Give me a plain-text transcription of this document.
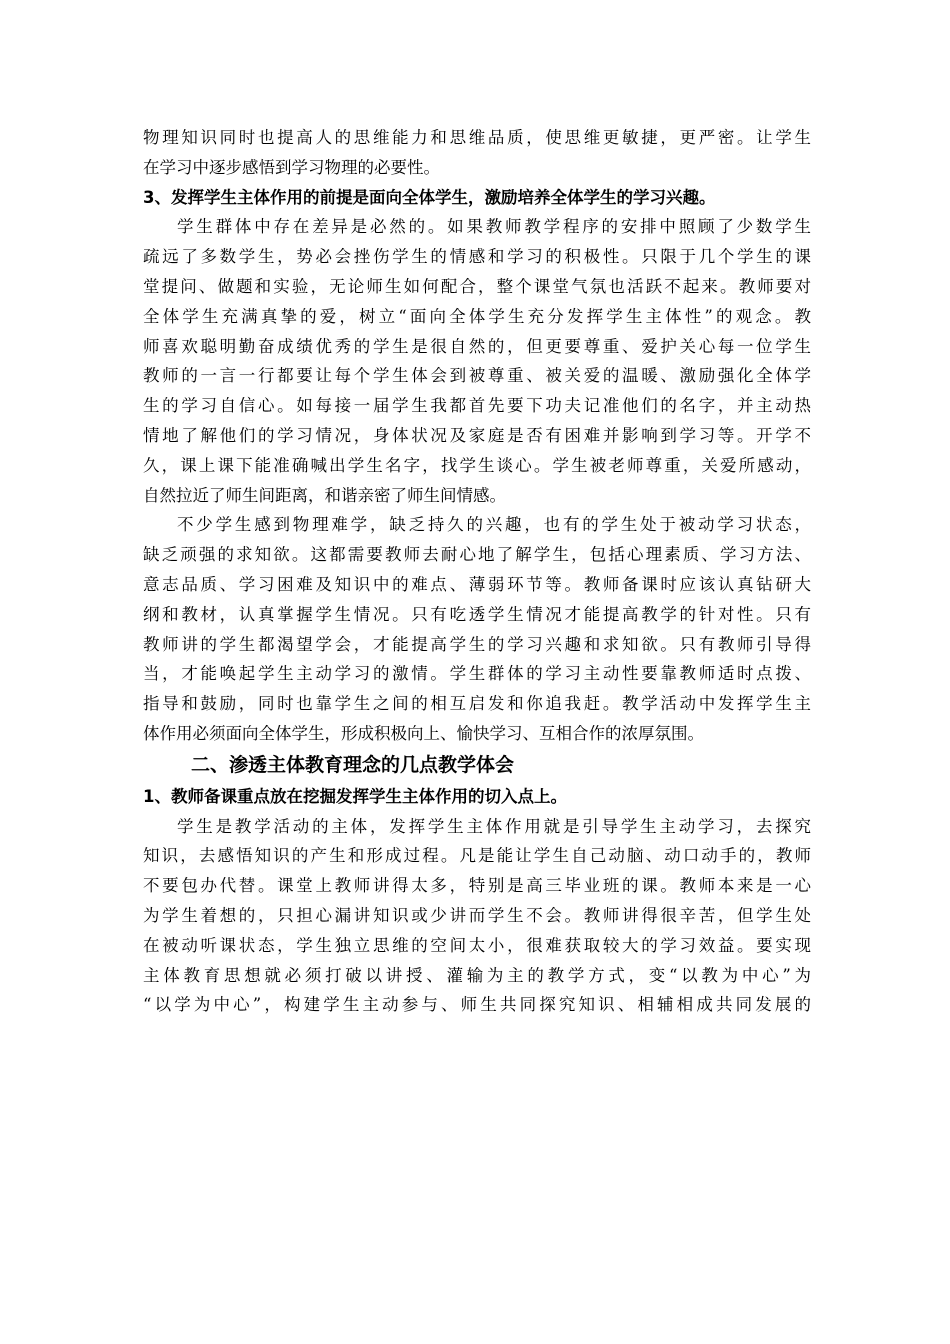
物理知识同时也提高人的思维能力和思维品质，使思维更敏捷，更严密。让学生
在学习中逐步感悟到学习物理的必要性。
3、发挥学生主体作用的前提是面向全体学生，激励培养全体学生的学习兴趣。
学生群体中存在差异是必然的。如果教师教学程序的安排中照顾了少数学生
疏远了多数学生，势必会挫伤学生的情感和学习的积极性。只限于几个学生的课
堂提问、做题和实验，无论师生如何配合，整个课堂气氛也活跃不起来。教师要对
全体学生充满真挚的爱，树立“面向全体学生充分发挥学生主体性”的观念。教
师喜欢聪明勤奋成绩优秀的学生是很自然的，但更要尊重、爱护关心每一位学生
教师的一言一行都要让每个学生体会到被尊重、被关爱的温暖、激励强化全体学
生的学习自信心。如每接一届学生我都首先要下功夫记准他们的名字，并主动热
情地了解他们的学习情况，身体状况及家庭是否有困难并影响到学习等。开学不
久，课上课下能准确喊出学生名字，找学生谈心。学生被老师尊重，关爱所感动，
自然拉近了师生间距离，和谐亲密了师生间情感。
不少学生感到物理难学，缺乏持久的兴趣，也有的学生处于被动学习状态，
缺乏顽强的求知欲。这都需要教师去耐心地了解学生，包括心理素质、学习方法、
意志品质、学习困难及知识中的难点、薄弱环节等。教师备课时应该认真钻研大
纲和教材，认真掌握学生情况。只有吃透学生情况才能提高教学的针对性。只有
教师讲的学生都渴望学会，才能提高学生的学习兴趣和求知欲。只有教师引导得
当，才能唤起学生主动学习的激情。学生群体的学习主动性要靠教师适时点拨、
指导和鼓励，同时也靠学生之间的相互启发和你追我赶。教学活动中发挥学生主
体作用必须面向全体学生，形成积极向上、愉快学习、互相合作的浓厚氛围。
二、渗透主体教育理念的几点教学体会
1、教师备课重点放在挖掘发挥学生主体作用的切入点上。
学生是教学活动的主体，发挥学生主体作用就是引导学生主动学习，去探究
知识，去感悟知识的产生和形成过程。凡是能让学生自己动脑、动口动手的，教师
不要包办代替。课堂上教师讲得太多，特别是高三毕业班的课。教师本来是一心
为学生着想的，只担心漏讲知识或少讲而学生不会。教师讲得很辛苦，但学生处
在被动听课状态，学生独立思维的空间太小，很难获取较大的学习效益。要实现
主体教育思想就必须打破以讲授、灌输为主的教学方式，变“以教为中心”为
“以学为中心”，构建学生主动参与、师生共同探究知识、相辅相成共同发展的
